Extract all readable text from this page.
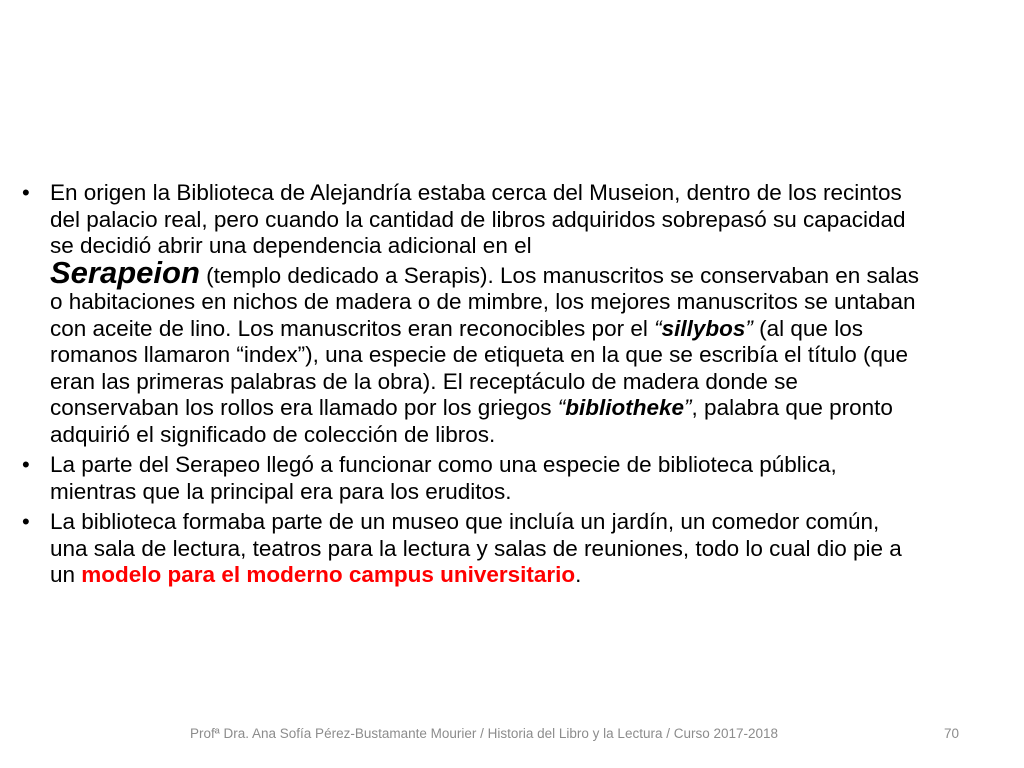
• En origen la Biblioteca de Alejandría estaba cerca del Museion, dentro de los recintos del palacio real, pero cuando la cantidad de libros adquiridos sobrepasó su capacidad se decidió abrir una dependencia adicional en el
Serapeion (templo dedicado a Serapis). Los manuscritos se conservaban en salas o habitaciones en nichos de madera o de mimbre, los mejores manuscritos se untaban con aceite de lino. Los manuscritos eran reconocibles por el “sillybos” (al que los romanos llamaron “index”), una especie de etiqueta en la que se escribía el título (que eran las primeras palabras de la obra). El receptáculo de madera donde se conservaban los rollos era llamado por los griegos “bibliotheke”, palabra que pronto adquirió el significado de colección de libros.
• La parte del Serapeo llegó a funcionar como una especie de biblioteca pública, mientras que la principal era para los eruditos.
• La biblioteca formaba parte de un museo que incluía un jardín, un comedor común, una sala de lectura, teatros para la lectura y salas de reuniones, todo lo cual dio pie a un modelo para el moderno campus universitario.
Profª Dra. Ana Sofía Pérez-Bustamante Mourier / Historia del Libro y la Lectura / Curso 2017-2018	70
